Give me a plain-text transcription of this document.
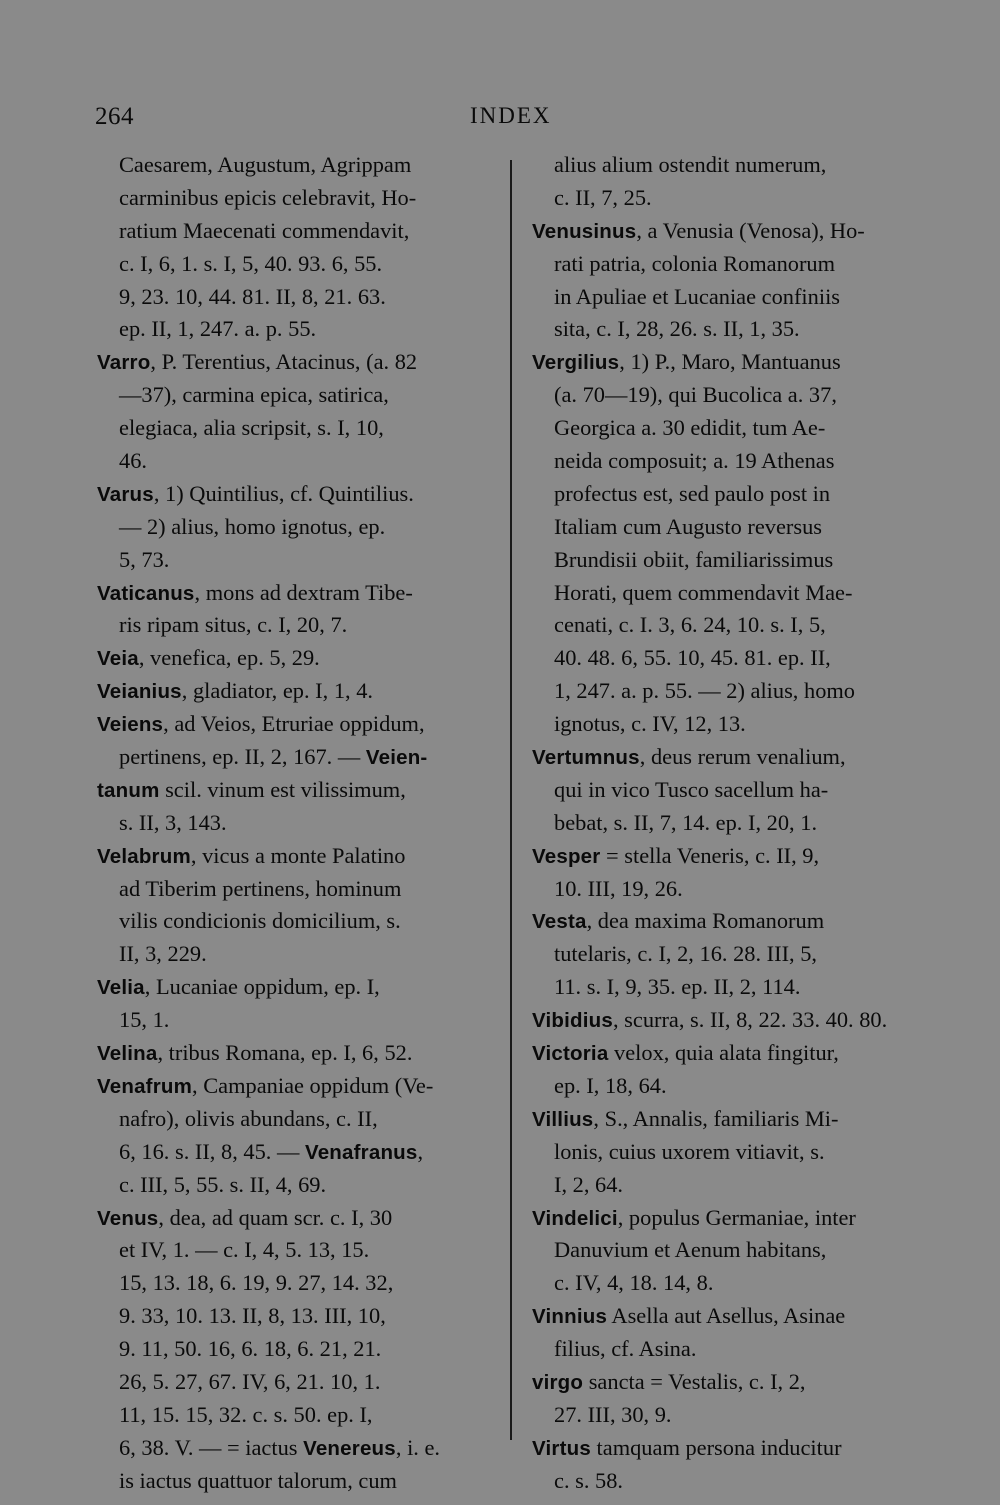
264	INDEX
Caesarem, Augustum, Agrippam
carminibus epicis celebravit, Ho-
ratium Maecenati commendavit,
c. I, 6, 1. s. I, 5, 40. 93. 6, 55.
9, 23. 10, 44. 81. II, 8, 21. 63.
ep. II, 1, 247. a. p. 55.
Varro, P. Terentius, Atacinus, (a. 82
—37), carmina epica, satirica,
elegiaca, alia scripsit, s. I, 10,
46.
Varus, 1) Quintilius, cf. Quintilius.
— 2) alius, homo ignotus, ep.
5, 73.
Vaticanus, mons ad dextram Tibe-
ris ripam situs, c. I, 20, 7.
Veia, venefica, ep. 5, 29.
Veianius, gladiator, ep. I, 1, 4.
Veiens, ad Veios, Etruriae oppidum,
pertinens, ep. II, 2, 167. — Veien-
tanum scil. vinum est vilissimum,
s. II, 3, 143.
Velabrum, vicus a monte Palatino
ad Tiberim pertinens, hominum
vilis condicionis domicilium, s.
II, 3, 229.
Velia, Lucaniae oppidum, ep. I,
15, 1.
Velina, tribus Romana, ep. I, 6, 52.
Venafrum, Campaniae oppidum (Ve-
nafro), olivis abundans, c. II,
6, 16. s. II, 8, 45. — Venafranus,
c. III, 5, 55. s. II, 4, 69.
Venus, dea, ad quam scr. c. I, 30
et IV, 1. — c. I, 4, 5. 13, 15.
15, 13. 18, 6. 19, 9. 27, 14. 32,
9. 33, 10. 13. II, 8, 13. III, 10,
9. 11, 50. 16, 6. 18, 6. 21, 21.
26, 5. 27, 67. IV, 6, 21. 10, 1.
11, 15. 15, 32. c. s. 50. ep. I,
6, 38. V. — = iactus Venereus, i. e.
is iactus quattuor talorum, cum
alius alium ostendit numerum,
c. II, 7, 25.
Venusinus, a Venusia (Venosa), Ho-
rati patria, colonia Romanorum
in Apuliae et Lucaniae confiniis
sita, c. I, 28, 26. s. II, 1, 35.
Vergilius, 1) P., Maro, Mantuanus
(a. 70—19), qui Bucolica a. 37,
Georgica a. 30 edidit, tum Ae-
neida composuit; a. 19 Athenas
profectus est, sed paulo post in
Italiam cum Augusto reversus
Brundisii obiit, familiarissimus
Horati, quem commendavit Mae-
cenati, c. I. 3, 6. 24, 10. s. I, 5,
40. 48. 6, 55. 10, 45. 81. ep. II,
1, 247. a. p. 55. — 2) alius, homo
ignotus, c. IV, 12, 13.
Vertumnus, deus rerum venalium,
qui in vico Tusco sacellum ha-
bebat, s. II, 7, 14. ep. I, 20, 1.
Vesper = stella Veneris, c. II, 9,
10. III, 19, 26.
Vesta, dea maxima Romanorum
tutelaris, c. I, 2, 16. 28. III, 5,
11. s. I, 9, 35. ep. II, 2, 114.
Vibidius, scurra, s. II, 8, 22. 33. 40. 80.
Victoria velox, quia alata fingitur,
ep. I, 18, 64.
Villius, S., Annalis, familiaris Mi-
lonis, cuius uxorem vitiavit, s.
I, 2, 64.
Vindelici, populus Germaniae, inter
Danuvium et Aenum habitans,
c. IV, 4, 18. 14, 8.
Vinnius Asella aut Asellus, Asinae
filius, cf. Asina.
virgo sancta = Vestalis, c. I, 2,
27. III, 30, 9.
Virtus tamquam persona inducitur
c. s. 58.
